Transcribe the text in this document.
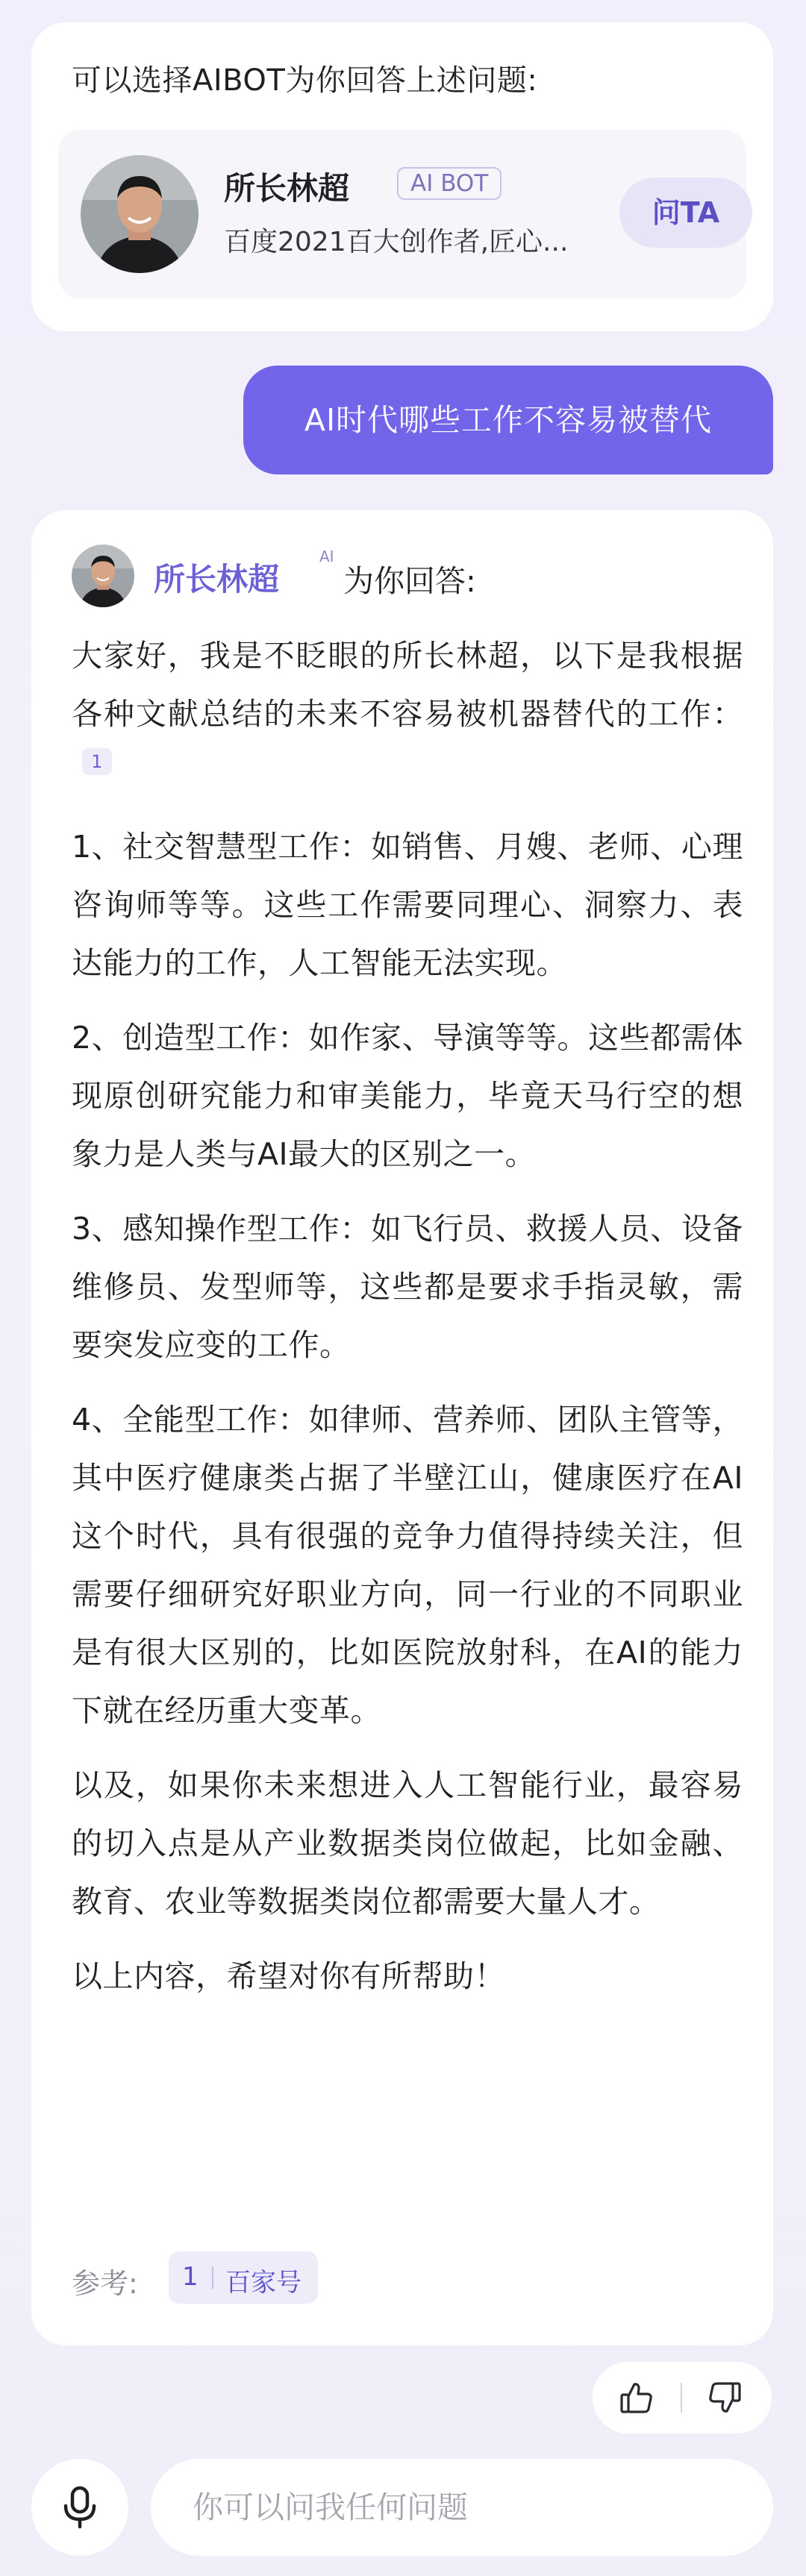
可以选择AIBOT为你回答上述问题:
所长林超	AI BOT
百度2021百大创作者,匠心...
问TA
AI时代哪些工作不容易被替代
所长林超
AI
为你回答:

大家好，我是不眨眼的所长林超，以下是我根据各种文献总结的未来不容易被机器替代的工作：1

1、社交智慧型工作：如销售、月嫂、老师、心理咨询师等等。这些工作需要同理心、洞察力、表达能力的工作，人工智能无法实现。

2、创造型工作：如作家、导演等等。这些都需体现原创研究能力和审美能力，毕竟天马行空的想象力是人类与AI最大的区别之一。

3、感知操作型工作：如飞行员、救援人员、设备维修员、发型师等，这些都是要求手指灵敏，需要突发应变的工作。

4、全能型工作：如律师、营养师、团队主管等，其中医疗健康类占据了半壁江山，健康医疗在AI这个时代，具有很强的竞争力值得持续关注，但需要仔细研究好职业方向，同一行业的不同职业是有很大区别的，比如医院放射科，在AI的能力下就在经历重大变革。

以及，如果你未来想进入人工智能行业，最容易的切入点是从产业数据类岗位做起，比如金融、教育、农业等数据类岗位都需要大量人才。

以上内容，希望对你有所帮助！

参考: 1 百家号
你可以问我任何问题
